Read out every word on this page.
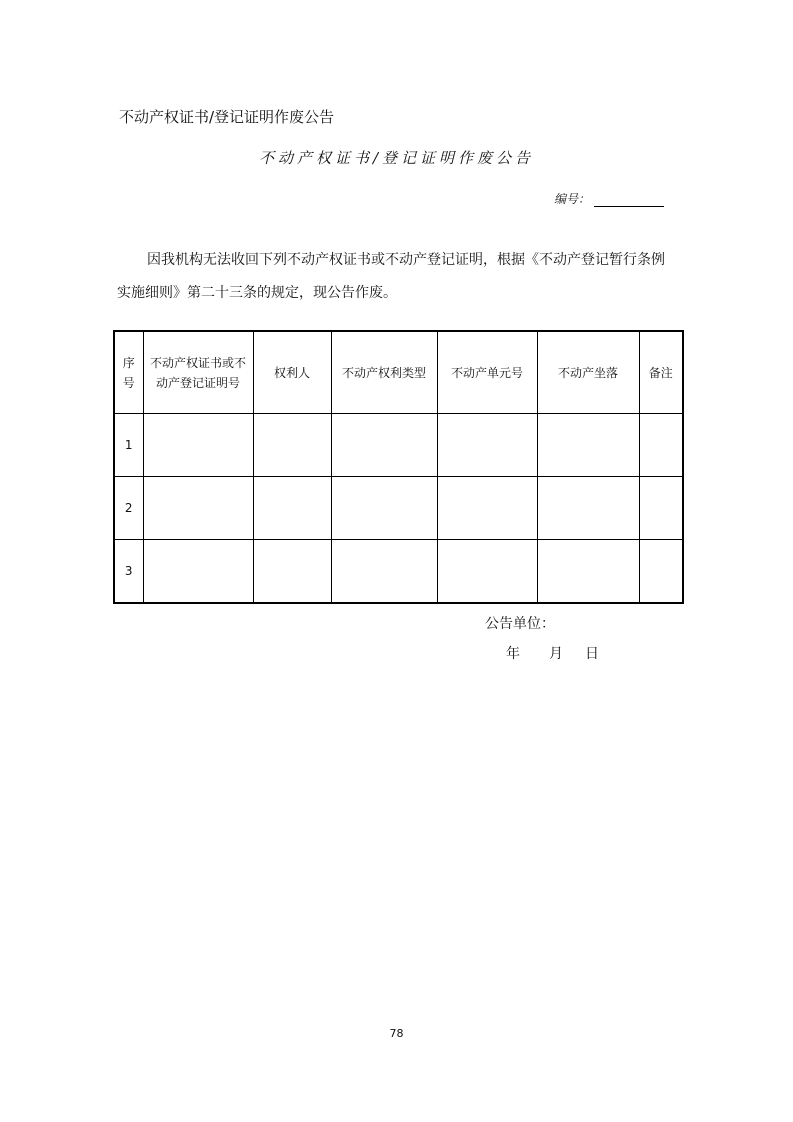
不动产权证书/登记证明作废公告
不动产权证书/登记证明作废公告
编号：
因我机构无法收回下列不动产权证书或不动产登记证明，根据《不动产登记暂行条例实施细则》第二十三条的规定，现公告作废。
序号	不动产权证书或不动产登记证明号	权利人	不动产权利类型	不动产单元号	不动产坐落	备注
1						
2						
3						
公告单位：
年 月 日
78
